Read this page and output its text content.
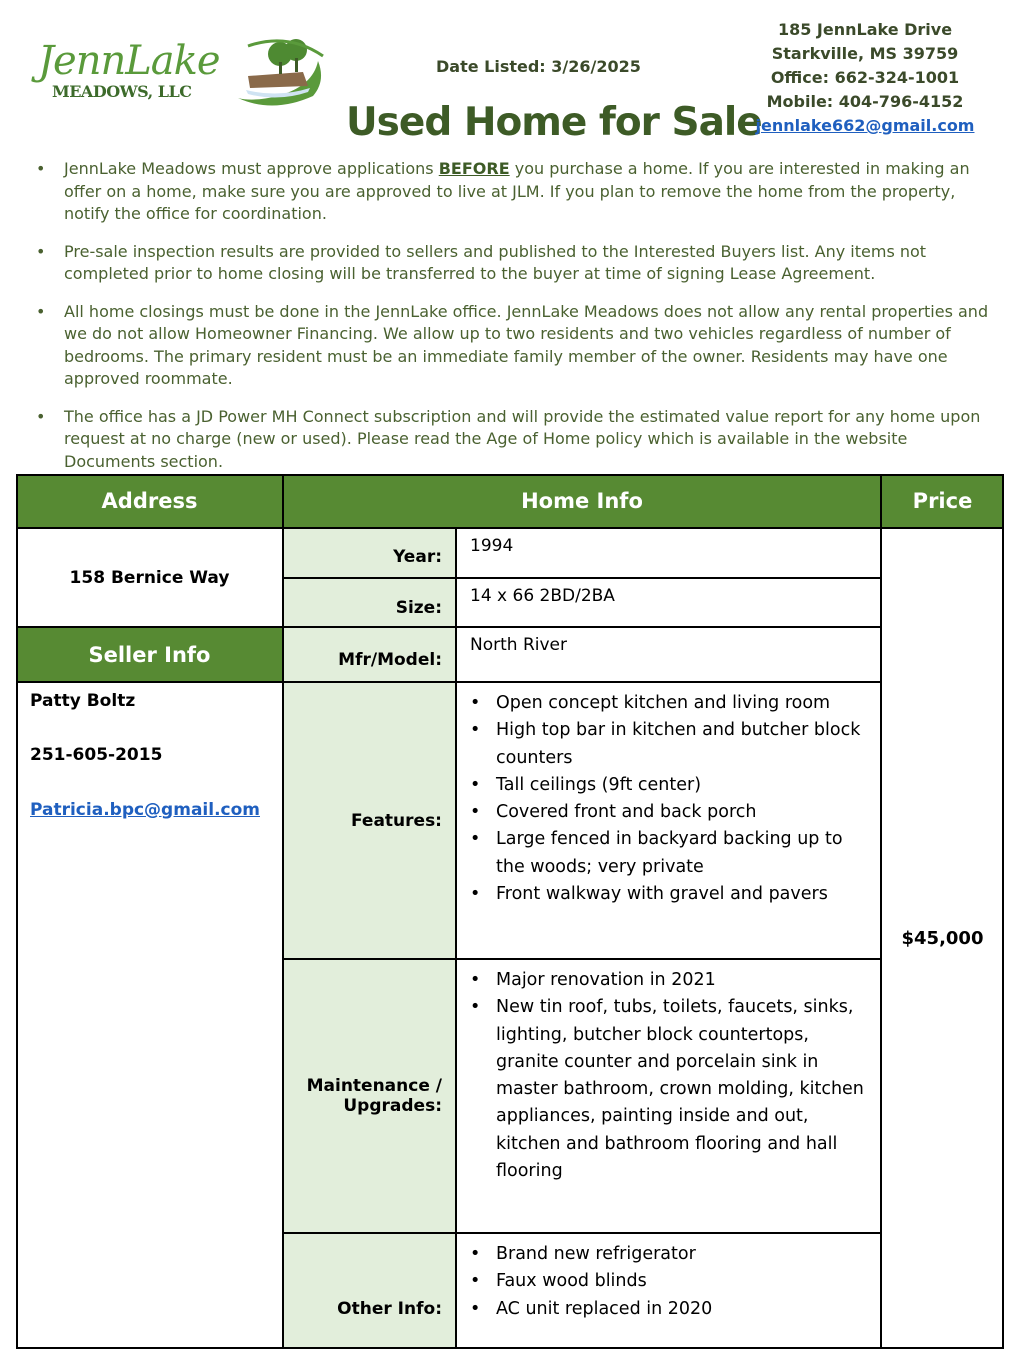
JennLake
MEADOWS, LLC
Date Listed: 3/26/2025
Used Home for Sale
185 JennLake Drive
Starkville, MS 39759
Office: 662-324-1001
Mobile: 404-796-4152
jennlake662@gmail.com
• JennLake Meadows must approve applications BEFORE you purchase a home. If you are interested in making an offer on a home, make sure you are approved to live at JLM. If you plan to remove the home from the property, notify the office for coordination.
• Pre-sale inspection results are provided to sellers and published to the Interested Buyers list. Any items not completed prior to home closing will be transferred to the buyer at time of signing Lease Agreement.
• All home closings must be done in the JennLake office. JennLake Meadows does not allow any rental properties and we do not allow Homeowner Financing. We allow up to two residents and two vehicles regardless of number of bedrooms. The primary resident must be an immediate family member of the owner. Residents may have one approved roommate.
• The office has a JD Power MH Connect subscription and will provide the estimated value report for any home upon request at no charge (new or used). Please read the Age of Home policy which is available in the website Documents section.
Address	Home Info	Price
158 Bernice Way
Seller Info
Patty Boltz
251-605-2015
Patricia.bpc@gmail.com
Year:
Size:
Mfr/Model:
Features:
Maintenance /
Upgrades:
Other Info:
1994
14 x 66 2BD/2BA
North River
• Open concept kitchen and living room
• High top bar in kitchen and butcher block counters
• Tall ceilings (9ft center)
• Covered front and back porch
• Large fenced in backyard backing up to the woods; very private
• Front walkway with gravel and pavers
• Major renovation in 2021
• New tin roof, tubs, toilets, faucets, sinks, lighting, butcher block countertops, granite counter and porcelain sink in master bathroom, crown molding, kitchen appliances, painting inside and out, kitchen and bathroom flooring and hall flooring
• Brand new refrigerator
• Faux wood blinds
• AC unit replaced in 2020
$45,000
